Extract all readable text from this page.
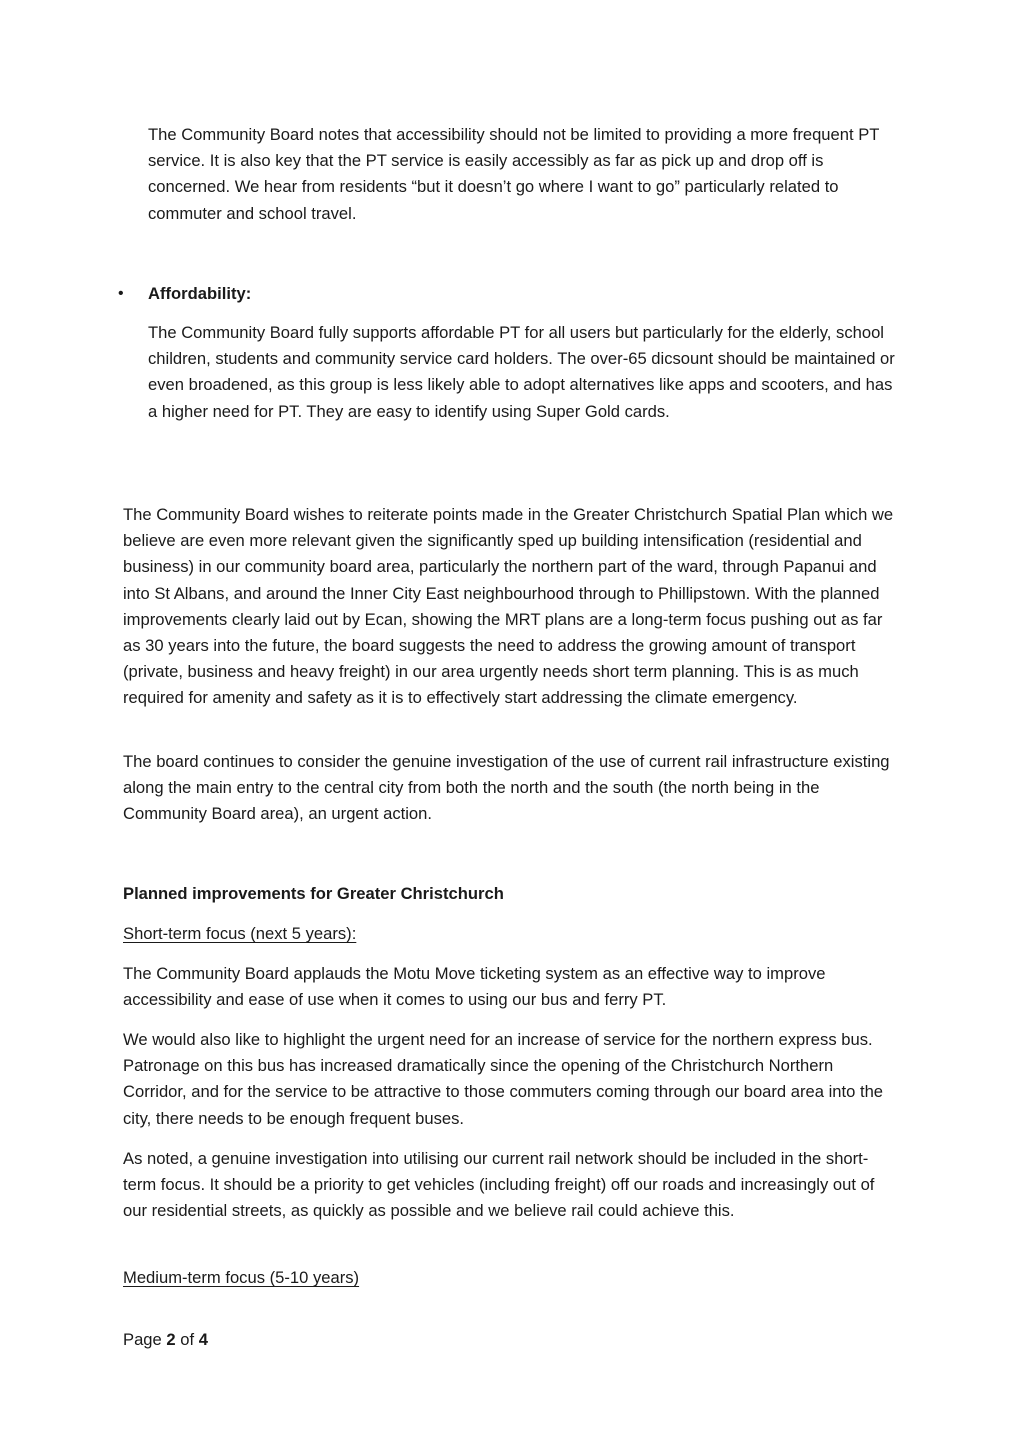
The Community Board notes that accessibility should not be limited to providing a more frequent PT service. It is also key that the PT service is easily accessibly as far as pick up and drop off is concerned. We hear from residents “but it doesn’t go where I want to go” particularly related to commuter and school travel.

• Affordability:

The Community Board fully supports affordable PT for all users but particularly for the elderly, school children, students and community service card holders. The over-65 dicsount should be maintained or even broadened, as this group is less likely able to adopt alternatives like apps and scooters, and has a higher need for PT. They are easy to identify using Super Gold cards.

The Community Board wishes to reiterate points made in the Greater Christchurch Spatial Plan which we believe are even more relevant given the significantly sped up building intensification (residential and business) in our community board area, particularly the northern part of the ward, through Papanui and into St Albans, and around the Inner City East neighbourhood through to Phillipstown. With the planned improvements clearly laid out by Ecan, showing the MRT plans are a long-term focus pushing out as far as 30 years into the future, the board suggests the need to address the growing amount of transport (private, business and heavy freight) in our area urgently needs short term planning. This is as much required for amenity and safety as it is to effectively start addressing the climate emergency.

The board continues to consider the genuine investigation of the use of current rail infrastructure existing along the main entry to the central city from both the north and the south (the north being in the Community Board area), an urgent action.

Planned improvements for Greater Christchurch

Short-term focus (next 5 years):

The Community Board applauds the Motu Move ticketing system as an effective way to improve accessibility and ease of use when it comes to using our bus and ferry PT.

We would also like to highlight the urgent need for an increase of service for the northern express bus. Patronage on this bus has increased dramatically since the opening of the Christchurch Northern Corridor, and for the service to be attractive to those commuters coming through our board area into the city, there needs to be enough frequent buses.

As noted, a genuine investigation into utilising our current rail network should be included in the short-term focus. It should be a priority to get vehicles (including freight) off our roads and increasingly out of our residential streets, as quickly as possible and we believe rail could achieve this.

Medium-term focus (5-10 years)

Page 2 of 4
